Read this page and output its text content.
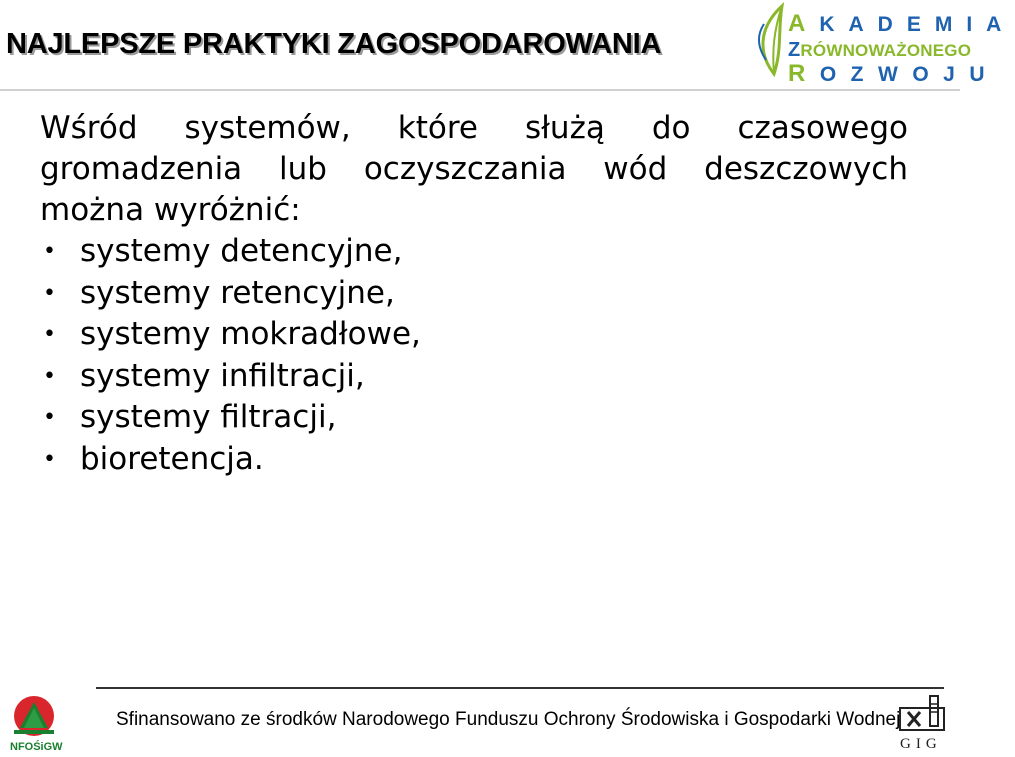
NAJLEPSZE PRAKTYKI ZAGOSPODAROWANIA
AKADEMIA
ZRÓWNOWAŻONEGO
ROZWOJU
Wśród systemów, które służą do czasowego gromadzenia lub oczyszczania wód deszczowych można wyróżnić:
• systemy detencyjne,
• systemy retencyjne,
• systemy mokradłowe,
• systemy infiltracji,
• systemy filtracji,
• bioretencja.
NFOŚiGW
Sfinansowano ze środków Narodowego Funduszu Ochrony Środowiska i Gospodarki Wodnej
GIG
